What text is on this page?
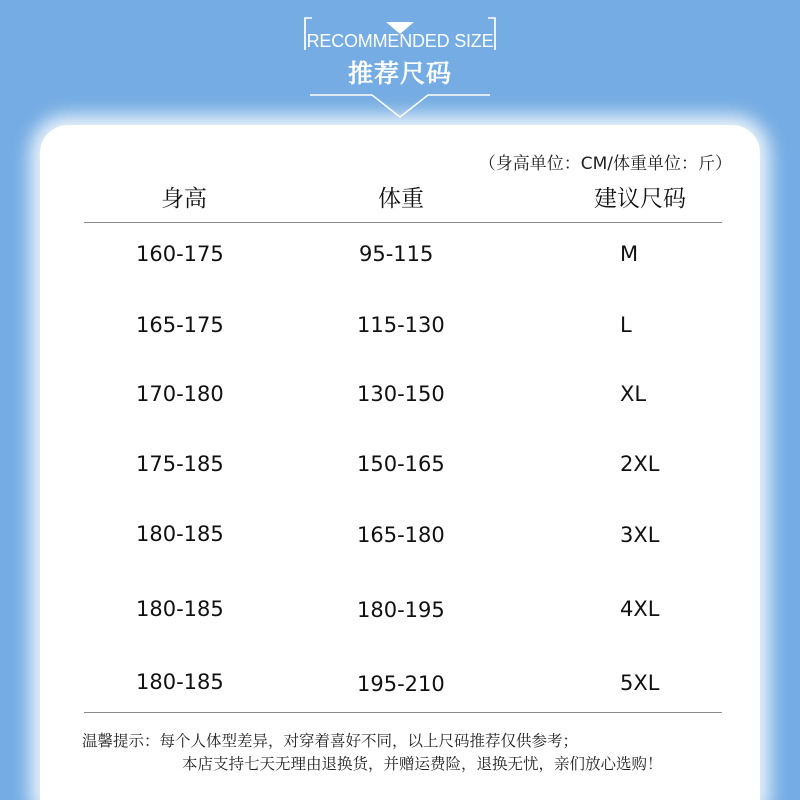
RECOMMENDED SIZE
推荐尺码
（身高单位：CM/体重单位：斤）
身高	体重	建议尺码
160-175	95-115	M
165-175	115-130	L
170-180	130-150	XL
175-185	150-165	2XL
180-185	165-180	3XL
180-185	180-195	4XL
180-185	195-210	5XL
温馨提示：每个人体型差异，对穿着喜好不同，以上尺码推荐仅供参考；
本店支持七天无理由退换货，并赠运费险，退换无忧，亲们放心选购！
